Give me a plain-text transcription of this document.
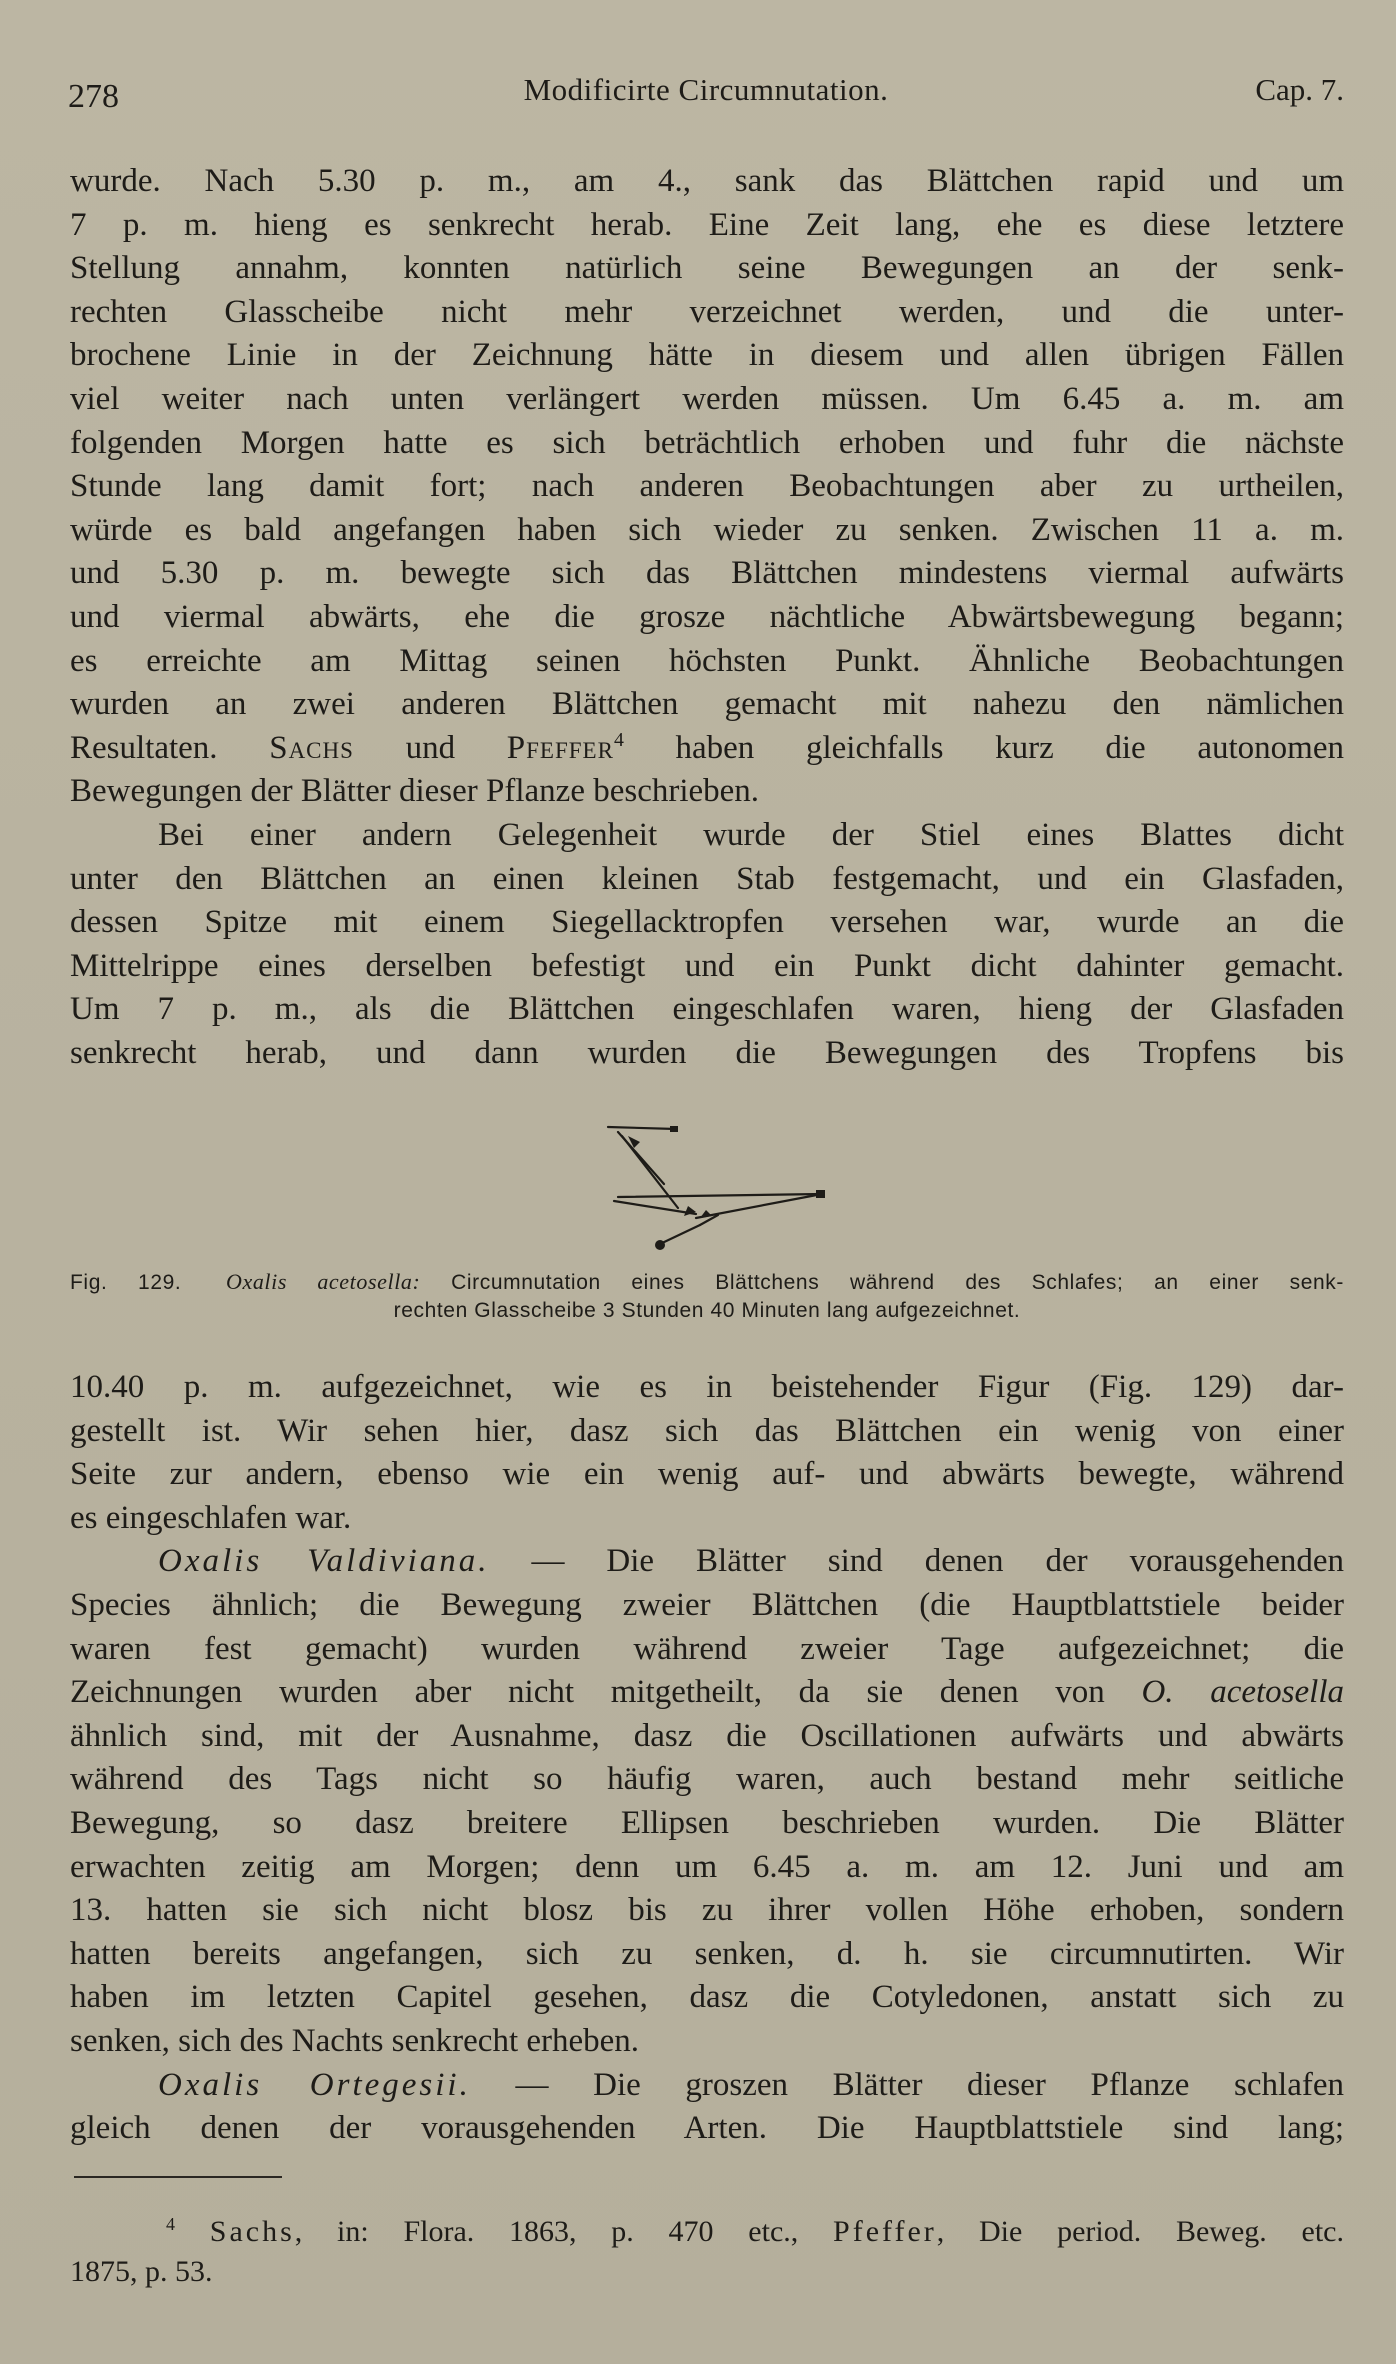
278	Modificirte Circumnutation.	Cap. 7.

wurde. Nach 5.30 p. m., am 4., sank das Blättchen rapid und um

7 p. m. hieng es senkrecht herab. Eine Zeit lang, ehe es diese letztere

Stellung annahm, konnten natürlich seine Bewegungen an der senk-

rechten Glasscheibe nicht mehr verzeichnet werden, und die unter-

brochene Linie in der Zeichnung hätte in diesem und allen übrigen Fällen

viel weiter nach unten verlängert werden müssen. Um 6.45 a. m. am

folgenden Morgen hatte es sich beträchtlich erhoben und fuhr die nächste

Stunde lang damit fort; nach anderen Beobachtungen aber zu urtheilen,

würde es bald angefangen haben sich wieder zu senken. Zwischen 11 a. m.

und 5.30 p. m. bewegte sich das Blättchen mindestens viermal aufwärts

und viermal abwärts, ehe die grosze nächtliche Abwärtsbewegung begann;

es erreichte am Mittag seinen höchsten Punkt. Ähnliche Beobachtungen

wurden an zwei anderen Blättchen gemacht mit nahezu den nämlichen

Resultaten. Sachs und Pfeffer$^4$ haben gleichfalls kurz die autonomen

Bewegungen der Blätter dieser Pflanze beschrieben.

Bei einer andern Gelegenheit wurde der Stiel eines Blattes dicht

unter den Blättchen an einen kleinen Stab festgemacht, und ein Glasfaden,

dessen Spitze mit einem Siegellacktropfen versehen war, wurde an die

Mittelrippe eines derselben befestigt und ein Punkt dicht dahinter gemacht.

Um 7 p. m., als die Blättchen eingeschlafen waren, hieng der Glasfaden

senkrecht herab, und dann wurden die Bewegungen des Tropfens bis

Fig. 129. Oxalis acetosella: Circumnutation eines Blättchens während des Schlafes; an einer senk-
rechten Glasscheibe 3 Stunden 40 Minuten lang aufgezeichnet.

10.40 p. m. aufgezeichnet, wie es in beistehender Figur (Fig. 129) dar-

gestellt ist. Wir sehen hier, dasz sich das Blättchen ein wenig von einer

Seite zur andern, ebenso wie ein wenig auf- und abwärts bewegte, während

es eingeschlafen war.

Oxalis Valdiviana. — Die Blätter sind denen der vorausgehenden

Species ähnlich; die Bewegung zweier Blättchen (die Hauptblattstiele beider

waren fest gemacht) wurden während zweier Tage aufgezeichnet; die

Zeichnungen wurden aber nicht mitgetheilt, da sie denen von O. acetosella

ähnlich sind, mit der Ausnahme, dasz die Oscillationen aufwärts und abwärts

während des Tags nicht so häufig waren, auch bestand mehr seitliche

Bewegung, so dasz breitere Ellipsen beschrieben wurden. Die Blätter

erwachten zeitig am Morgen; denn um 6.45 a. m. am 12. Juni und am

13. hatten sie sich nicht blosz bis zu ihrer vollen Höhe erhoben, sondern

hatten bereits angefangen, sich zu senken, d. h. sie circumnutirten. Wir

haben im letzten Capitel gesehen, dasz die Cotyledonen, anstatt sich zu

senken, sich des Nachts senkrecht erheben.

Oxalis Ortegesii. — Die groszen Blätter dieser Pflanze schlafen

gleich denen der vorausgehenden Arten. Die Hauptblattstiele sind lang;

$^4$ Sachs, in: Flora. 1863, p. 470 etc., Pfeffer, Die period. Beweg. etc.

1875, p. 53.
